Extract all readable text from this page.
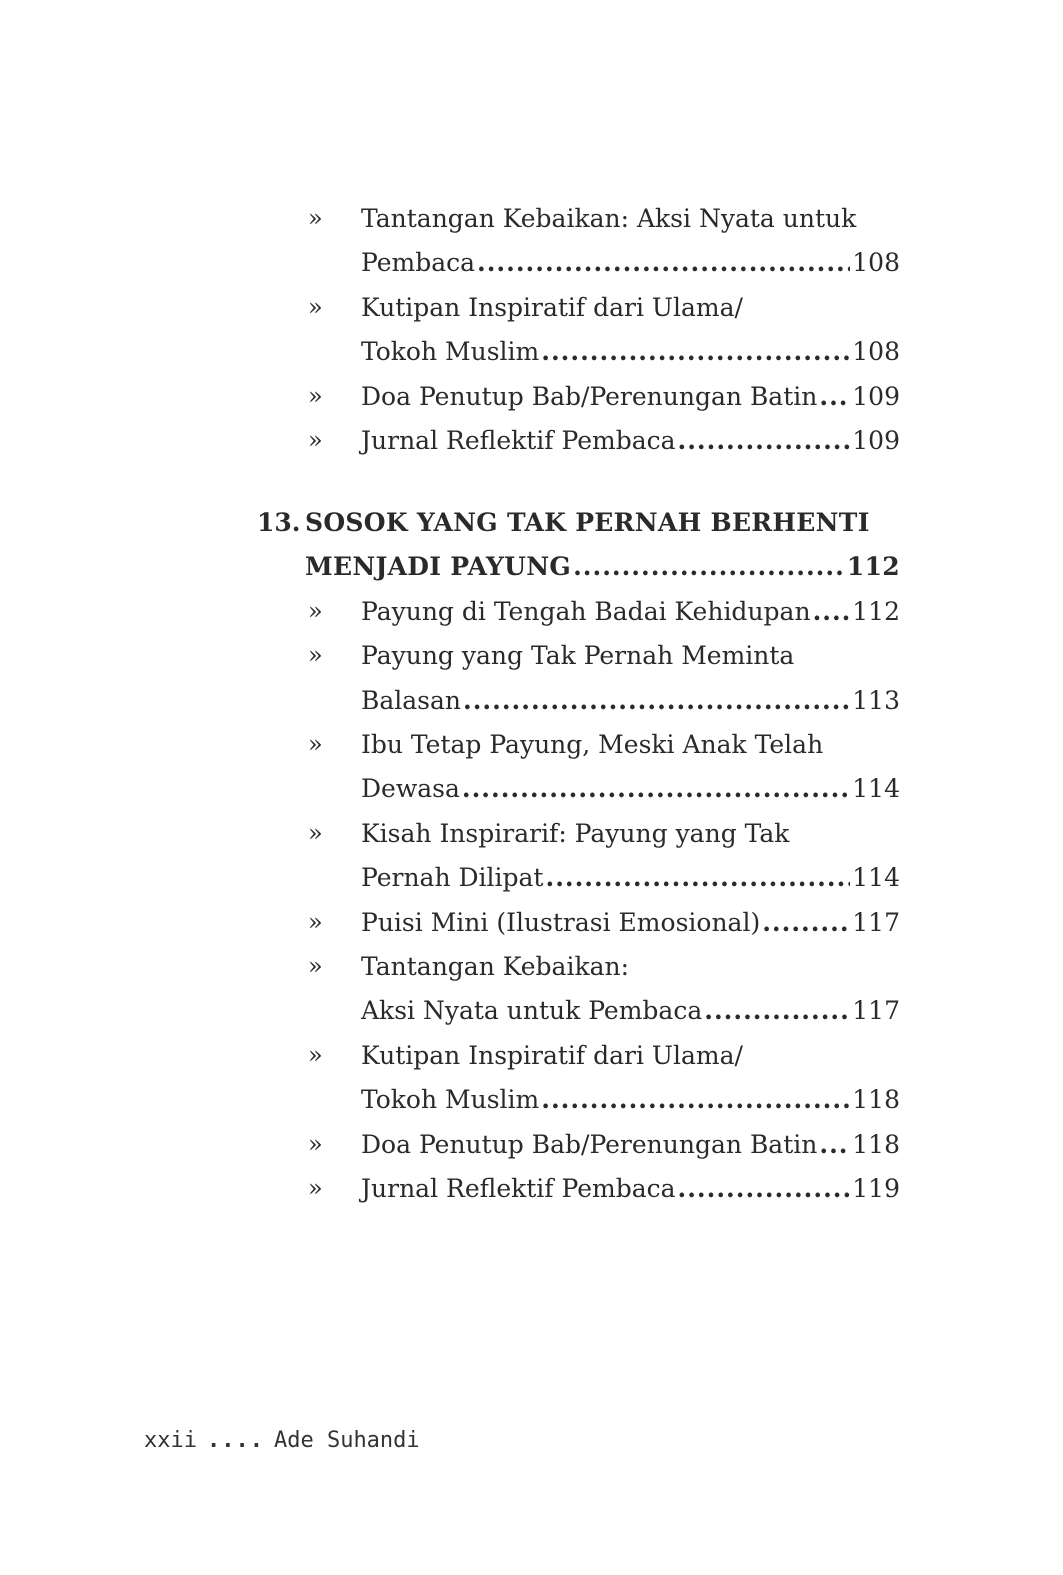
»	Tantangan Kebaikan: Aksi Nyata untuk
Pembaca .....	108
»	Kutipan Inspiratif dari Ulama/
Tokoh Muslim .....	108
»	Doa Penutup Bab/Perenungan Batin ..... 109
»	Jurnal Reflektif Pembaca .....	109
13. SOSOK YANG TAK PERNAH BERHENTI
MENJADI PAYUNG .....	112
»	Payung di Tengah Badai Kehidupan ..... 112
»	Payung yang Tak Pernah Meminta
Balasan .....	113
»	Ibu Tetap Payung, Meski Anak Telah
Dewasa .....	114
»	Kisah Inspirarif: Payung yang Tak
Pernah Dilipat .....	114
»	Puisi Mini (Ilustrasi Emosional) .....	117
»	Tantangan Kebaikan:
Aksi Nyata untuk Pembaca .....	117
»	Kutipan Inspiratif dari Ulama/
Tokoh Muslim .....	118
»	Doa Penutup Bab/Perenungan Batin ..... 118
»	Jurnal Reflektif Pembaca .....	119
xxii .... Ade Suhandi
